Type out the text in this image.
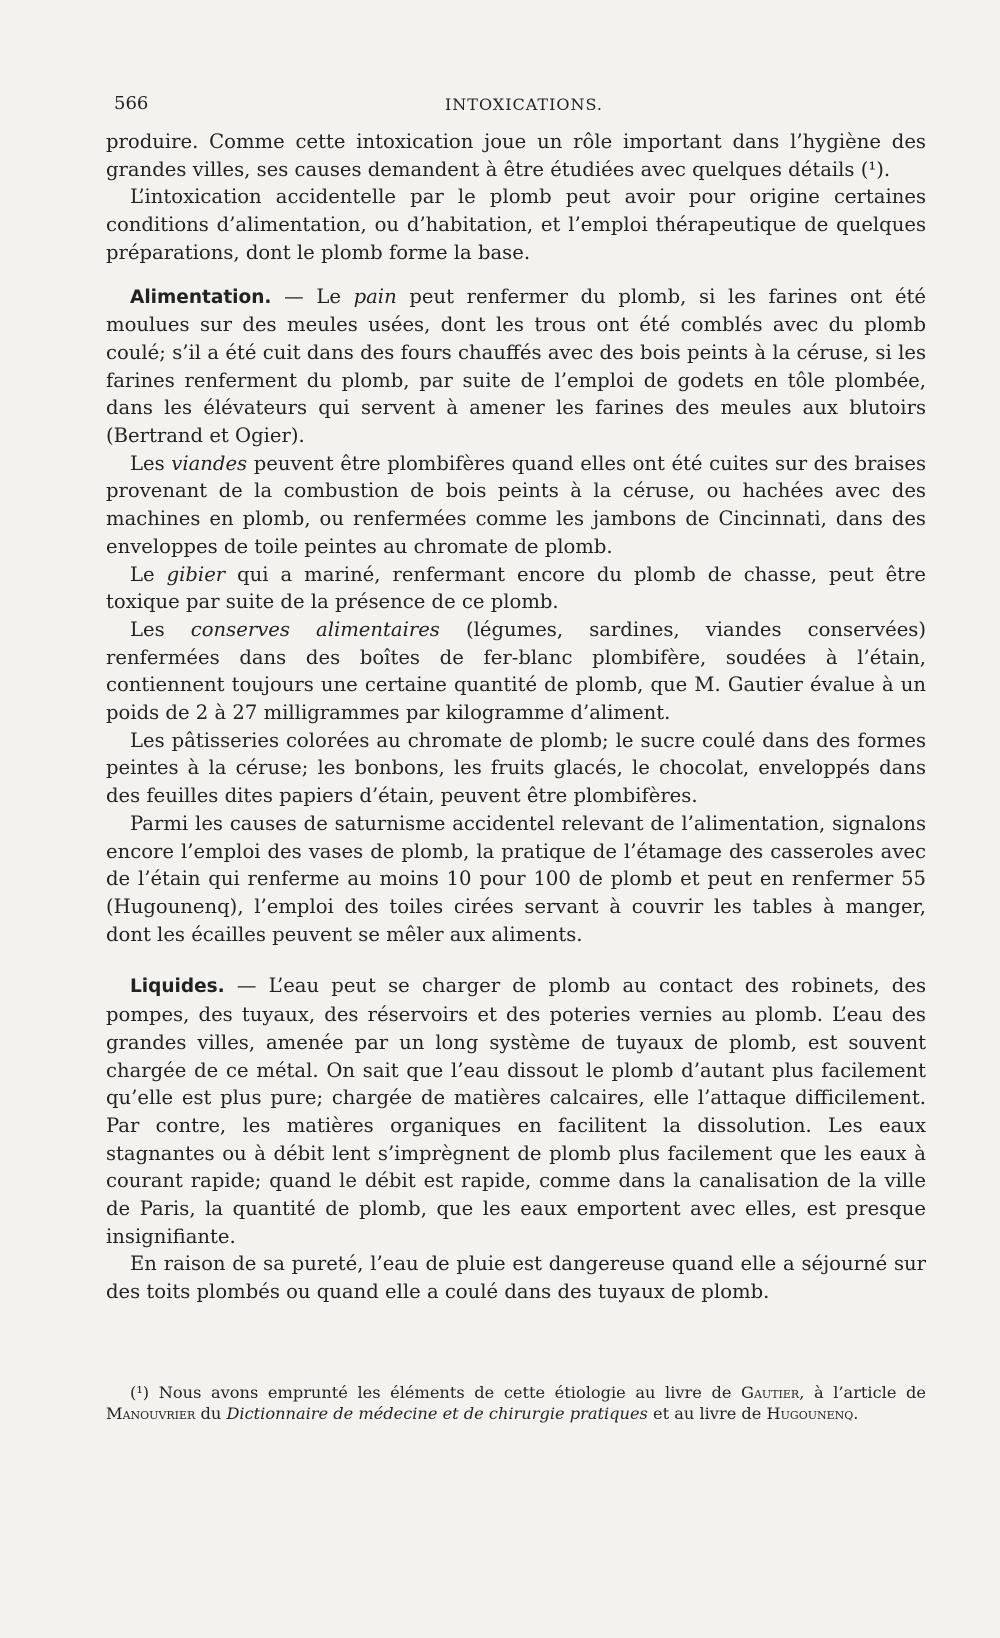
566	INTOXICATIONS.

produire. Comme cette intoxication joue un rôle important dans l’hygiène des grandes villes, ses causes demandent à être étudiées avec quelques détails (¹).

L’intoxication accidentelle par le plomb peut avoir pour origine certaines conditions d’alimentation, ou d’habitation, et l’emploi thérapeutique de quelques préparations, dont le plomb forme la base.

Alimentation. — Le pain peut renfermer du plomb, si les farines ont été moulues sur des meules usées, dont les trous ont été comblés avec du plomb coulé; s’il a été cuit dans des fours chauffés avec des bois peints à la céruse, si les farines renferment du plomb, par suite de l’emploi de godets en tôle plombée, dans les élévateurs qui servent à amener les farines des meules aux blutoirs (Bertrand et Ogier).

Les viandes peuvent être plombifères quand elles ont été cuites sur des braises provenant de la combustion de bois peints à la céruse, ou hachées avec des machines en plomb, ou renfermées comme les jambons de Cincinnati, dans des enveloppes de toile peintes au chromate de plomb.

Le gibier qui a mariné, renfermant encore du plomb de chasse, peut être toxique par suite de la présence de ce plomb.

Les conserves alimentaires (légumes, sardines, viandes conservées) renfermées dans des boîtes de fer-blanc plombifère, soudées à l’étain, contiennent toujours une certaine quantité de plomb, que M. Gautier évalue à un poids de 2 à 27 milligrammes par kilogramme d’aliment.

Les pâtisseries colorées au chromate de plomb; le sucre coulé dans des formes peintes à la céruse; les bonbons, les fruits glacés, le chocolat, enveloppés dans des feuilles dites papiers d’étain, peuvent être plombifères.

Parmi les causes de saturnisme accidentel relevant de l’alimentation, signalons encore l’emploi des vases de plomb, la pratique de l’étamage des casseroles avec de l’étain qui renferme au moins 10 pour 100 de plomb et peut en renfermer 55 (Hugounenq), l’emploi des toiles cirées servant à couvrir les tables à manger, dont les écailles peuvent se mêler aux aliments.

Liquides. — L’eau peut se charger de plomb au contact des robinets, des pompes, des tuyaux, des réservoirs et des poteries vernies au plomb. L’eau des grandes villes, amenée par un long système de tuyaux de plomb, est souvent chargée de ce métal. On sait que l’eau dissout le plomb d’autant plus facilement qu’elle est plus pure; chargée de matières calcaires, elle l’attaque difficilement. Par contre, les matières organiques en facilitent la dissolution. Les eaux stagnantes ou à débit lent s’imprègnent de plomb plus facilement que les eaux à courant rapide; quand le débit est rapide, comme dans la canalisation de la ville de Paris, la quantité de plomb, que les eaux emportent avec elles, est presque insignifiante.

En raison de sa pureté, l’eau de pluie est dangereuse quand elle a séjourné sur des toits plombés ou quand elle a coulé dans des tuyaux de plomb.

(¹) Nous avons emprunté les éléments de cette étiologie au livre de Gautier, à l’article de Manouvrier du Dictionnaire de médecine et de chirurgie pratiques et au livre de Hugounenq.
